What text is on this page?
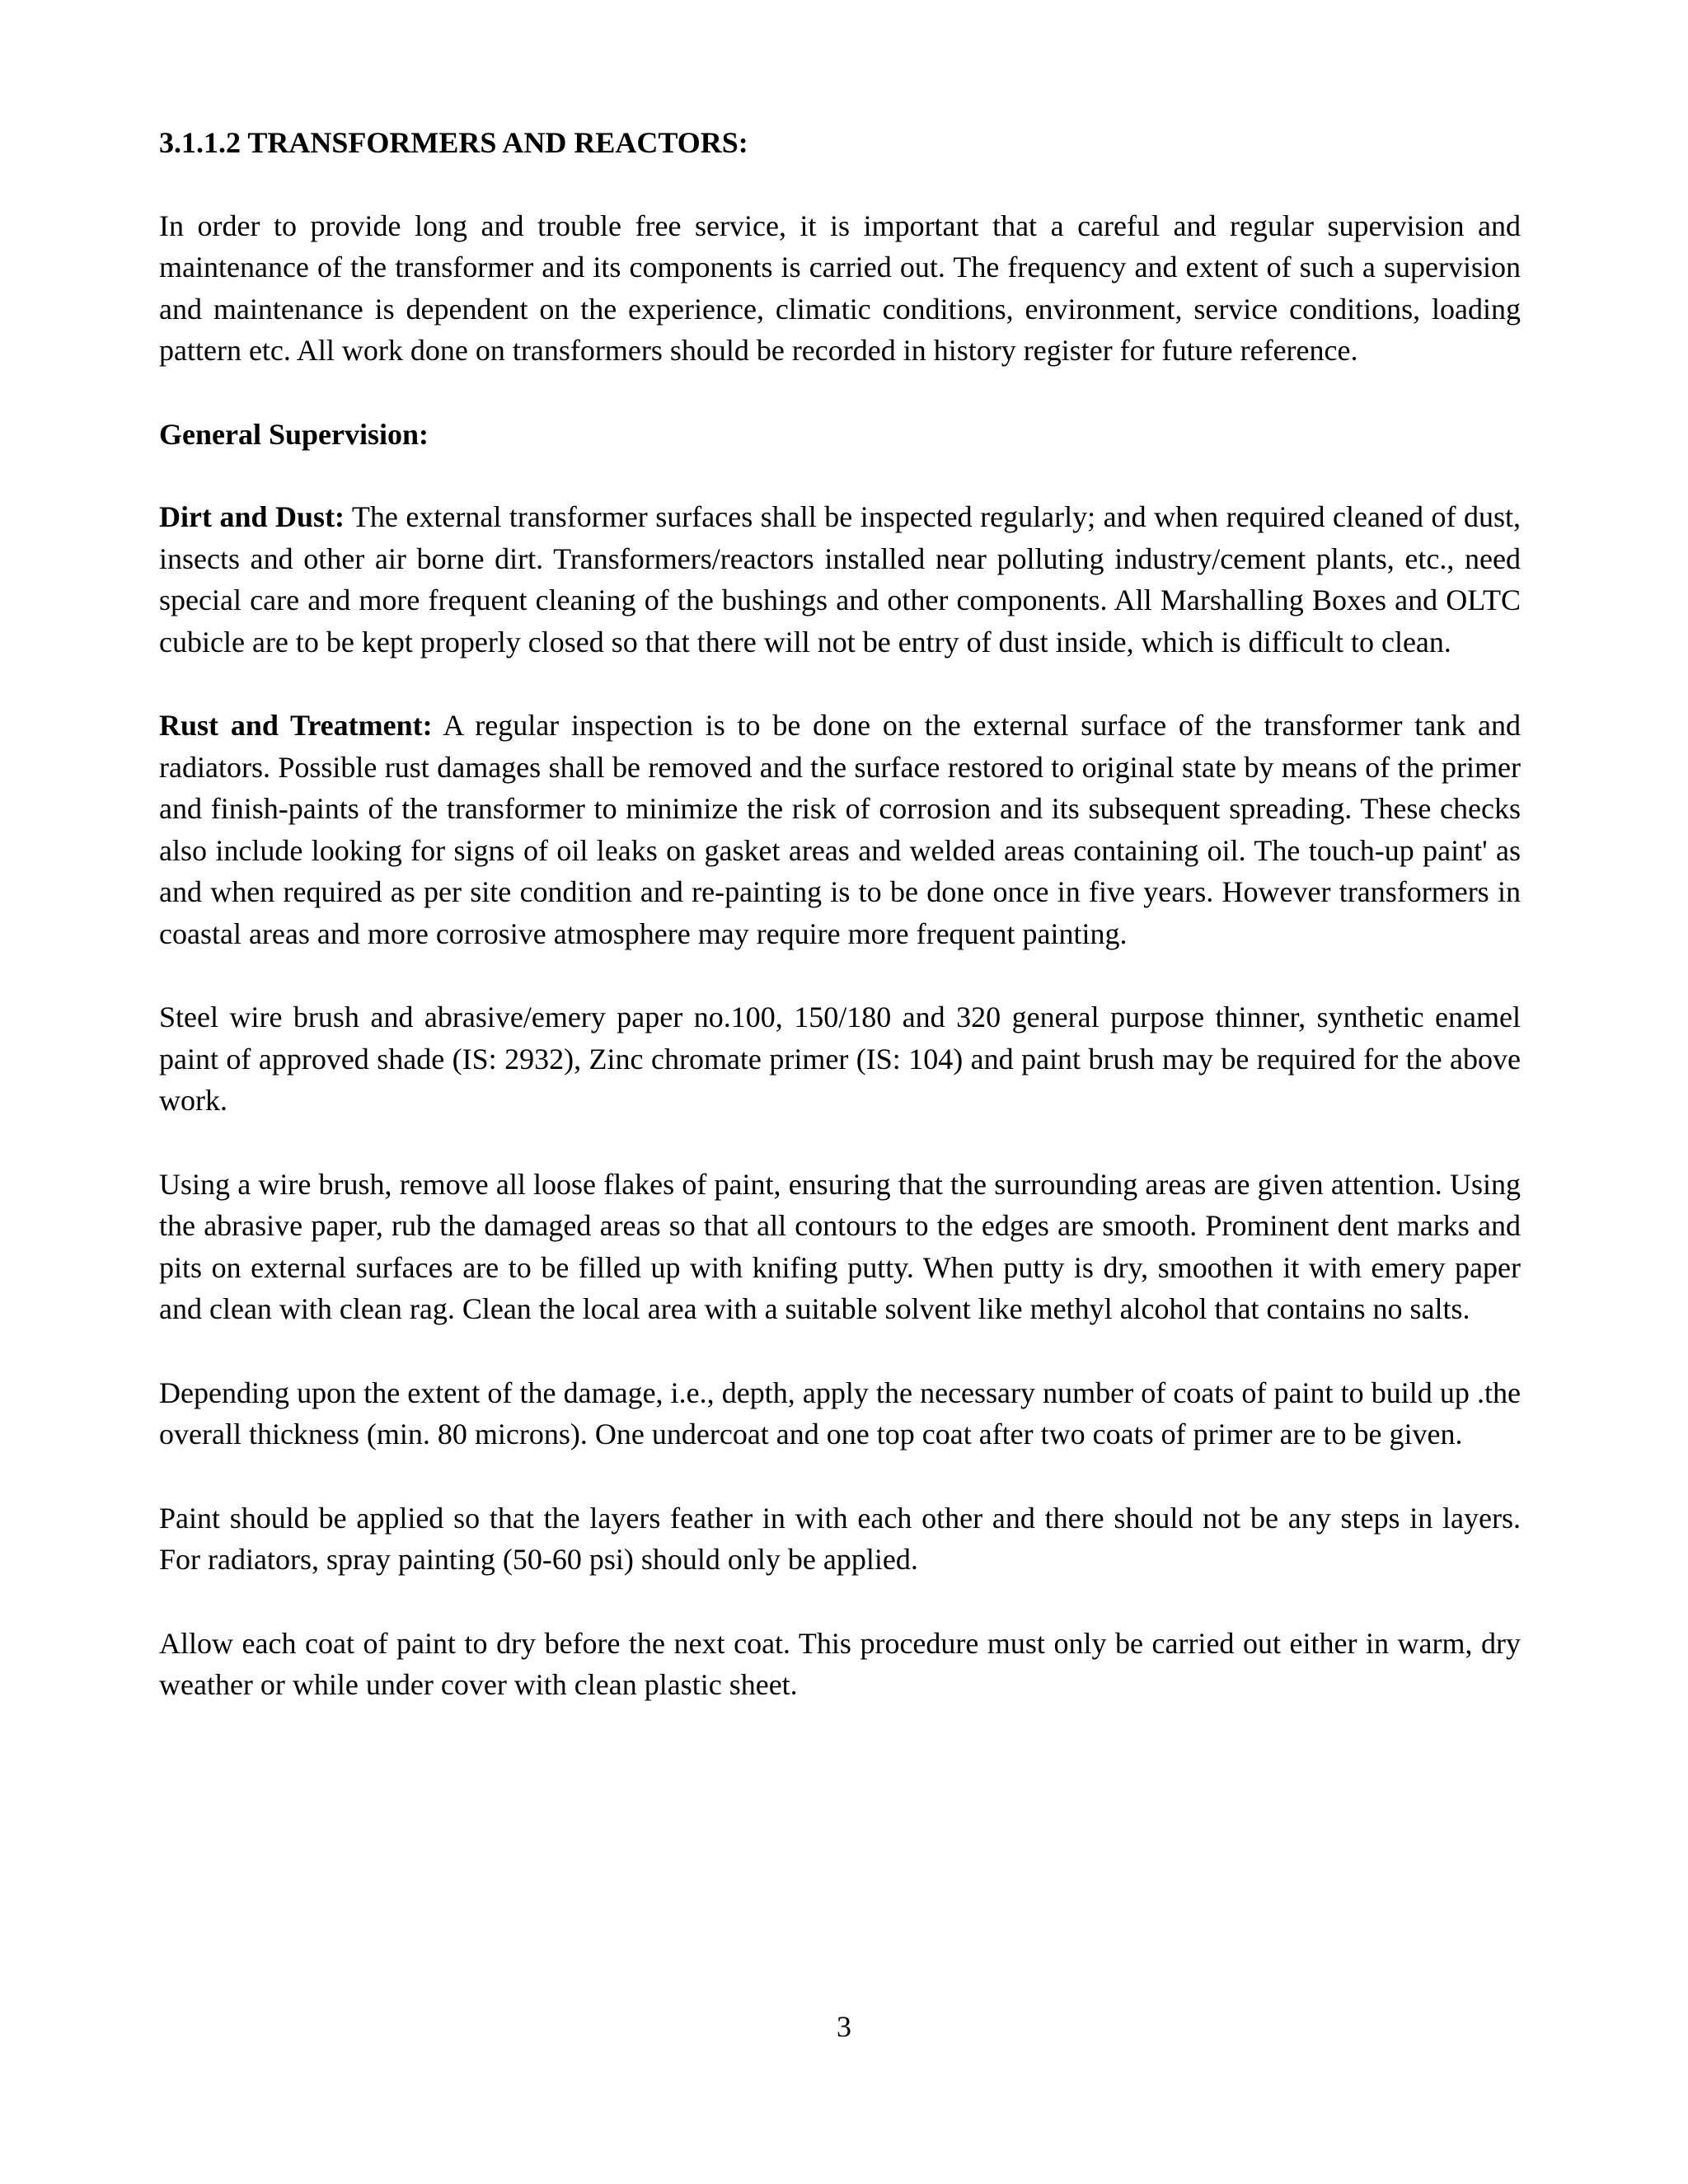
3.1.1.2 TRANSFORMERS AND REACTORS:
In order to provide long and trouble free service, it is important that a careful and regular supervision and maintenance of the transformer and its components is carried out. The frequency and extent of such a supervision and maintenance is dependent on the experience, climatic conditions, environment, service conditions, loading pattern etc. All work done on transformers should be recorded in history register for future reference.
General Supervision:
Dirt and Dust: The external transformer surfaces shall be inspected regularly; and when required cleaned of dust, insects and other air borne dirt. Transformers/reactors installed near polluting industry/cement plants, etc., need special care and more frequent cleaning of the bushings and other components. All Marshalling Boxes and OLTC cubicle are to be kept properly closed so that there will not be entry of dust inside, which is difficult to clean.
Rust and Treatment: A regular inspection is to be done on the external surface of the transformer tank and radiators. Possible rust damages shall be removed and the surface restored to original state by means of the primer and finish-paints of the transformer to minimize the risk of corrosion and its subsequent spreading. These checks also include looking for signs of oil leaks on gasket areas and welded areas containing oil. The touch-up paint' as and when required as per site condition and re-painting is to be done once in five years. However transformers in coastal areas and more corrosive atmosphere may require more frequent painting.
Steel wire brush and abrasive/emery paper no.100, 150/180 and 320 general purpose thinner, synthetic enamel paint of approved shade (IS: 2932), Zinc chromate primer (IS: 104) and paint brush may be required for the above work.
Using a wire brush, remove all loose flakes of paint, ensuring that the surrounding areas are given attention. Using the abrasive paper, rub the damaged areas so that all contours to the edges are smooth. Prominent dent marks and pits on external surfaces are to be filled up with knifing putty. When putty is dry, smoothen it with emery paper and clean with clean rag. Clean the local area with a suitable solvent like methyl alcohol that contains no salts.
Depending upon the extent of the damage, i.e., depth, apply the necessary number of coats of paint to build up .the overall thickness (min. 80 microns). One undercoat and one top coat after two coats of primer are to be given.
Paint should be applied so that the layers feather in with each other and there should not be any steps in layers. For radiators, spray painting (50-60 psi) should only be applied.
Allow each coat of paint to dry before the next coat. This procedure must only be carried out either in warm, dry weather or while under cover with clean plastic sheet.
3
